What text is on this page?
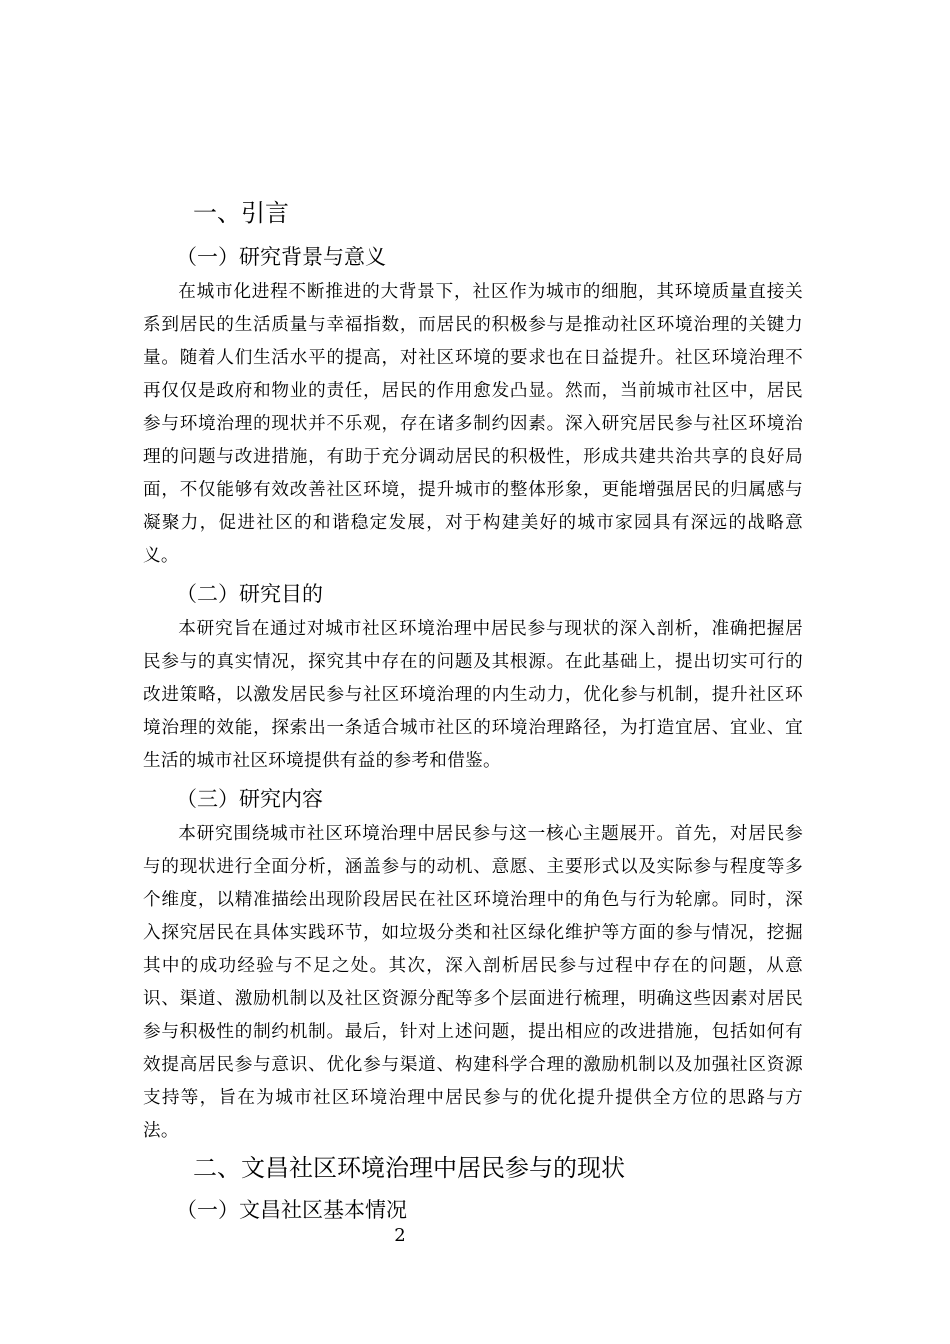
一、引言
（一）研究背景与意义

在城市化进程不断推进的大背景下，社区作为城市的细胞，其环境质量直接关系到居民的生活质量与幸福指数，而居民的积极参与是推动社区环境治理的关键力量。随着人们生活水平的提高，对社区环境的要求也在日益提升。社区环境治理不再仅仅是政府和物业的责任，居民的作用愈发凸显。然而，当前城市社区中，居民参与环境治理的现状并不乐观，存在诸多制约因素。深入研究居民参与社区环境治理的问题与改进措施，有助于充分调动居民的积极性，形成共建共治共享的良好局面，不仅能够有效改善社区环境，提升城市的整体形象，更能增强居民的归属感与凝聚力，促进社区的和谐稳定发展，对于构建美好的城市家园具有深远的战略意义。

（二）研究目的

本研究旨在通过对城市社区环境治理中居民参与现状的深入剖析，准确把握居民参与的真实情况，探究其中存在的问题及其根源。在此基础上，提出切实可行的改进策略，以激发居民参与社区环境治理的内生动力，优化参与机制，提升社区环境治理的效能，探索出一条适合城市社区的环境治理路径，为打造宜居、宜业、宜生活的城市社区环境提供有益的参考和借鉴。

（三）研究内容

本研究围绕城市社区环境治理中居民参与这一核心主题展开。首先，对居民参与的现状进行全面分析，涵盖参与的动机、意愿、主要形式以及实际参与程度等多个维度，以精准描绘出现阶段居民在社区环境治理中的角色与行为轮廓。同时，深入探究居民在具体实践环节，如垃圾分类和社区绿化维护等方面的参与情况，挖掘其中的成功经验与不足之处。其次，深入剖析居民参与过程中存在的问题，从意识、渠道、激励机制以及社区资源分配等多个层面进行梳理，明确这些因素对居民参与积极性的制约机制。最后，针对上述问题，提出相应的改进措施，包括如何有效提高居民参与意识、优化参与渠道、构建科学合理的激励机制以及加强社区资源支持等，旨在为城市社区环境治理中居民参与的优化提升提供全方位的思路与方法。

二、文昌社区环境治理中居民参与的现状
（一）文昌社区基本情况
2
